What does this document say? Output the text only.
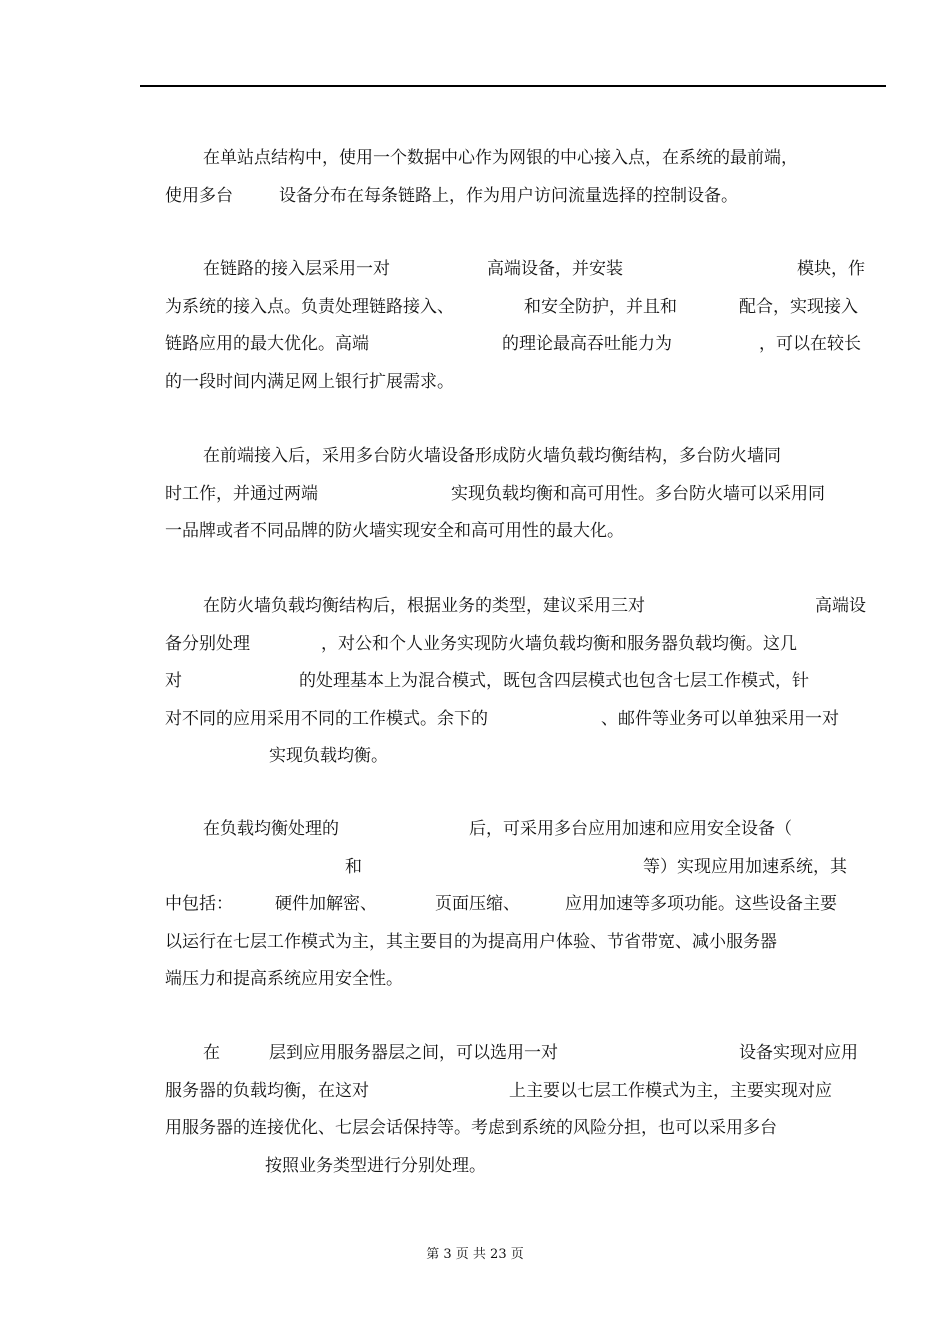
在单站点结构中，使用一个数据中心作为网银的中心接入点，在系统的最前端，
使用多台	设备分布在每条链路上，作为用户访问流量选择的控制设备。
在链路的接入层采用一对	高端设备，并安装	模块，作
为系统的接入点。负责处理链路接入、	和安全防护，并且和	配合，实现接入
链路应用的最大优化。高端	的理论最高吞吐能力为	，可以在较长
的一段时间内满足网上银行扩展需求。
在前端接入后，采用多台防火墙设备形成防火墙负载均衡结构，多台防火墙同
时工作，并通过两端	实现负载均衡和高可用性。多台防火墙可以采用同
一品牌或者不同品牌的防火墙实现安全和高可用性的最大化。
在防火墙负载均衡结构后，根据业务的类型，建议采用三对	高端设
备分别处理	，对公和个人业务实现防火墙负载均衡和服务器负载均衡。这几
对	的处理基本上为混合模式，既包含四层模式也包含七层工作模式，针
对不同的应用采用不同的工作模式。余下的	、邮件等业务可以单独采用一对
实现负载均衡。
在负载均衡处理的	后，可采用多台应用加速和应用安全设备（
和	等）实现应用加速系统，其
中包括： 硬件加解密、	页面压缩、	应用加速等多项功能。这些设备主要
以运行在七层工作模式为主，其主要目的为提高用户体验、节省带宽、减小服务器
端压力和提高系统应用安全性。
在	层到应用服务器层之间，可以选用一对	设备实现对应用
服务器的负载均衡，在这对	上主要以七层工作模式为主，主要实现对应
用服务器的连接优化、七层会话保持等。考虑到系统的风险分担，也可以采用多台
按照业务类型进行分别处理。
第 3 页 共 23 页
